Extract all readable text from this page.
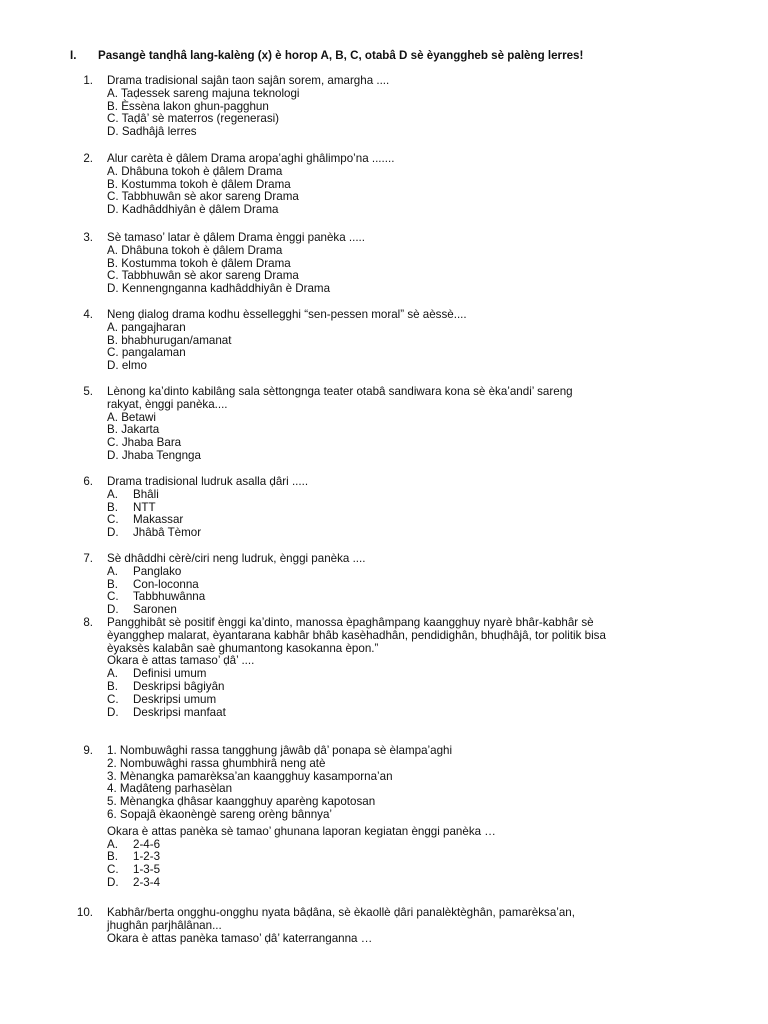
I. Pasangè tanḍhâ lang-kalèng (x) è horop A, B, C, otabâ D sè èyanggheb sè palèng lerres!
1. Drama tradisional sajân taon sajân sorem, amargha ....
A. Taḍessek sareng majuna teknologi
B. Èssèna lakon ghun-pagghun
C. Taḍâ’ sè materros (regenerasi)
D. Sadhâjâ lerres
2. Alur carèta è ḍâlem Drama aropa’aghi ghâlimpo’na .......
A. Dhâbuna tokoh è ḍâlem Drama
B. Kostumma tokoh è ḍâlem Drama
C. Tabbhuwân sè akor sareng Drama
D. Kadhâddhiyân è ḍâlem Drama
3. Sè tamaso’ latar è ḍâlem Drama ènggi panèka .....
A. Dhâbuna tokoh è ḍâlem Drama
B. Kostumma tokoh è ḍâlem Drama
C. Tabbhuwân sè akor sareng Drama
D. Kennengnganna kadhâddhiyân è Drama
4. Neng ḍialog drama kodhu èssellegghi “sen-pessen moral” sè aèssè....
A. pangajharan
B. bhabhurugan/amanat
C. pangalaman
D. elmo
5. Lènong ka’dinto kabilâng sala sèttongnga teater otabâ sandiwara kona sè èka’andi’ sareng
rakyat, ènggi panèka....
A. Betawi
B. Jakarta
C. Jhaba Bara
D. Jhaba Tengnga
6. Drama tradisional ludruk asalla ḍâri .....
A. Bhâli
B. NTT
C. Makassar
D. Jhâbâ Tèmor
7. Sè dhâddhi cèrè/ciri neng ludruk, ènggi panèka ....
A. Panglako
B. Con-loconna
C. Tabbhuwânna
D. Saronen
8. Pangghibât sè positif ènggi ka’dinto, manossa èpaghâmpang kaangghuy nyarè bhâr-kabhâr sè
èyangghep malarat, èyantarana kabhâr bhâb kasèhadhân, pendidighân, bhuḍhâjâ, tor politik bisa
èyaksès kalabân saè ghumantong kasokanna èpon.”
Okara è attas tamaso’ ḍâ’ ....
A. Definisi umum
B. Deskripsi bâgiyân
C. Deskripsi umum
D. Deskripsi manfaat
9. 1. Nombuwâghi rassa tangghung jâwâb ḍâ’ ponapa sè èlampa’aghi
2. Nombuwâghi rassa ghumbhirâ neng atè
3. Mènangka pamarèksa’an kaangghuy kasamporna’an
4. Maḍâteng parhasèlan
5. Mènangka ḍhâsar kaangghuy aparèng kapotosan
6. Sopajâ èkaonèngè sareng orèng bânnya’
Okara è attas panèka sè tamao’ ghunana laporan kegiatan ènggi panèka …
A. 2-4-6
B. 1-2-3
C. 1-3-5
D. 2-3-4
10. Kabhâr/berta ongghu-ongghu nyata bâḍâna, sè èkaollè ḍâri panalèktèghân, pamarèksa’an,
jhughân parjhâlânan...
Okara è attas panèka tamaso’ ḍâ’ katerranganna …
